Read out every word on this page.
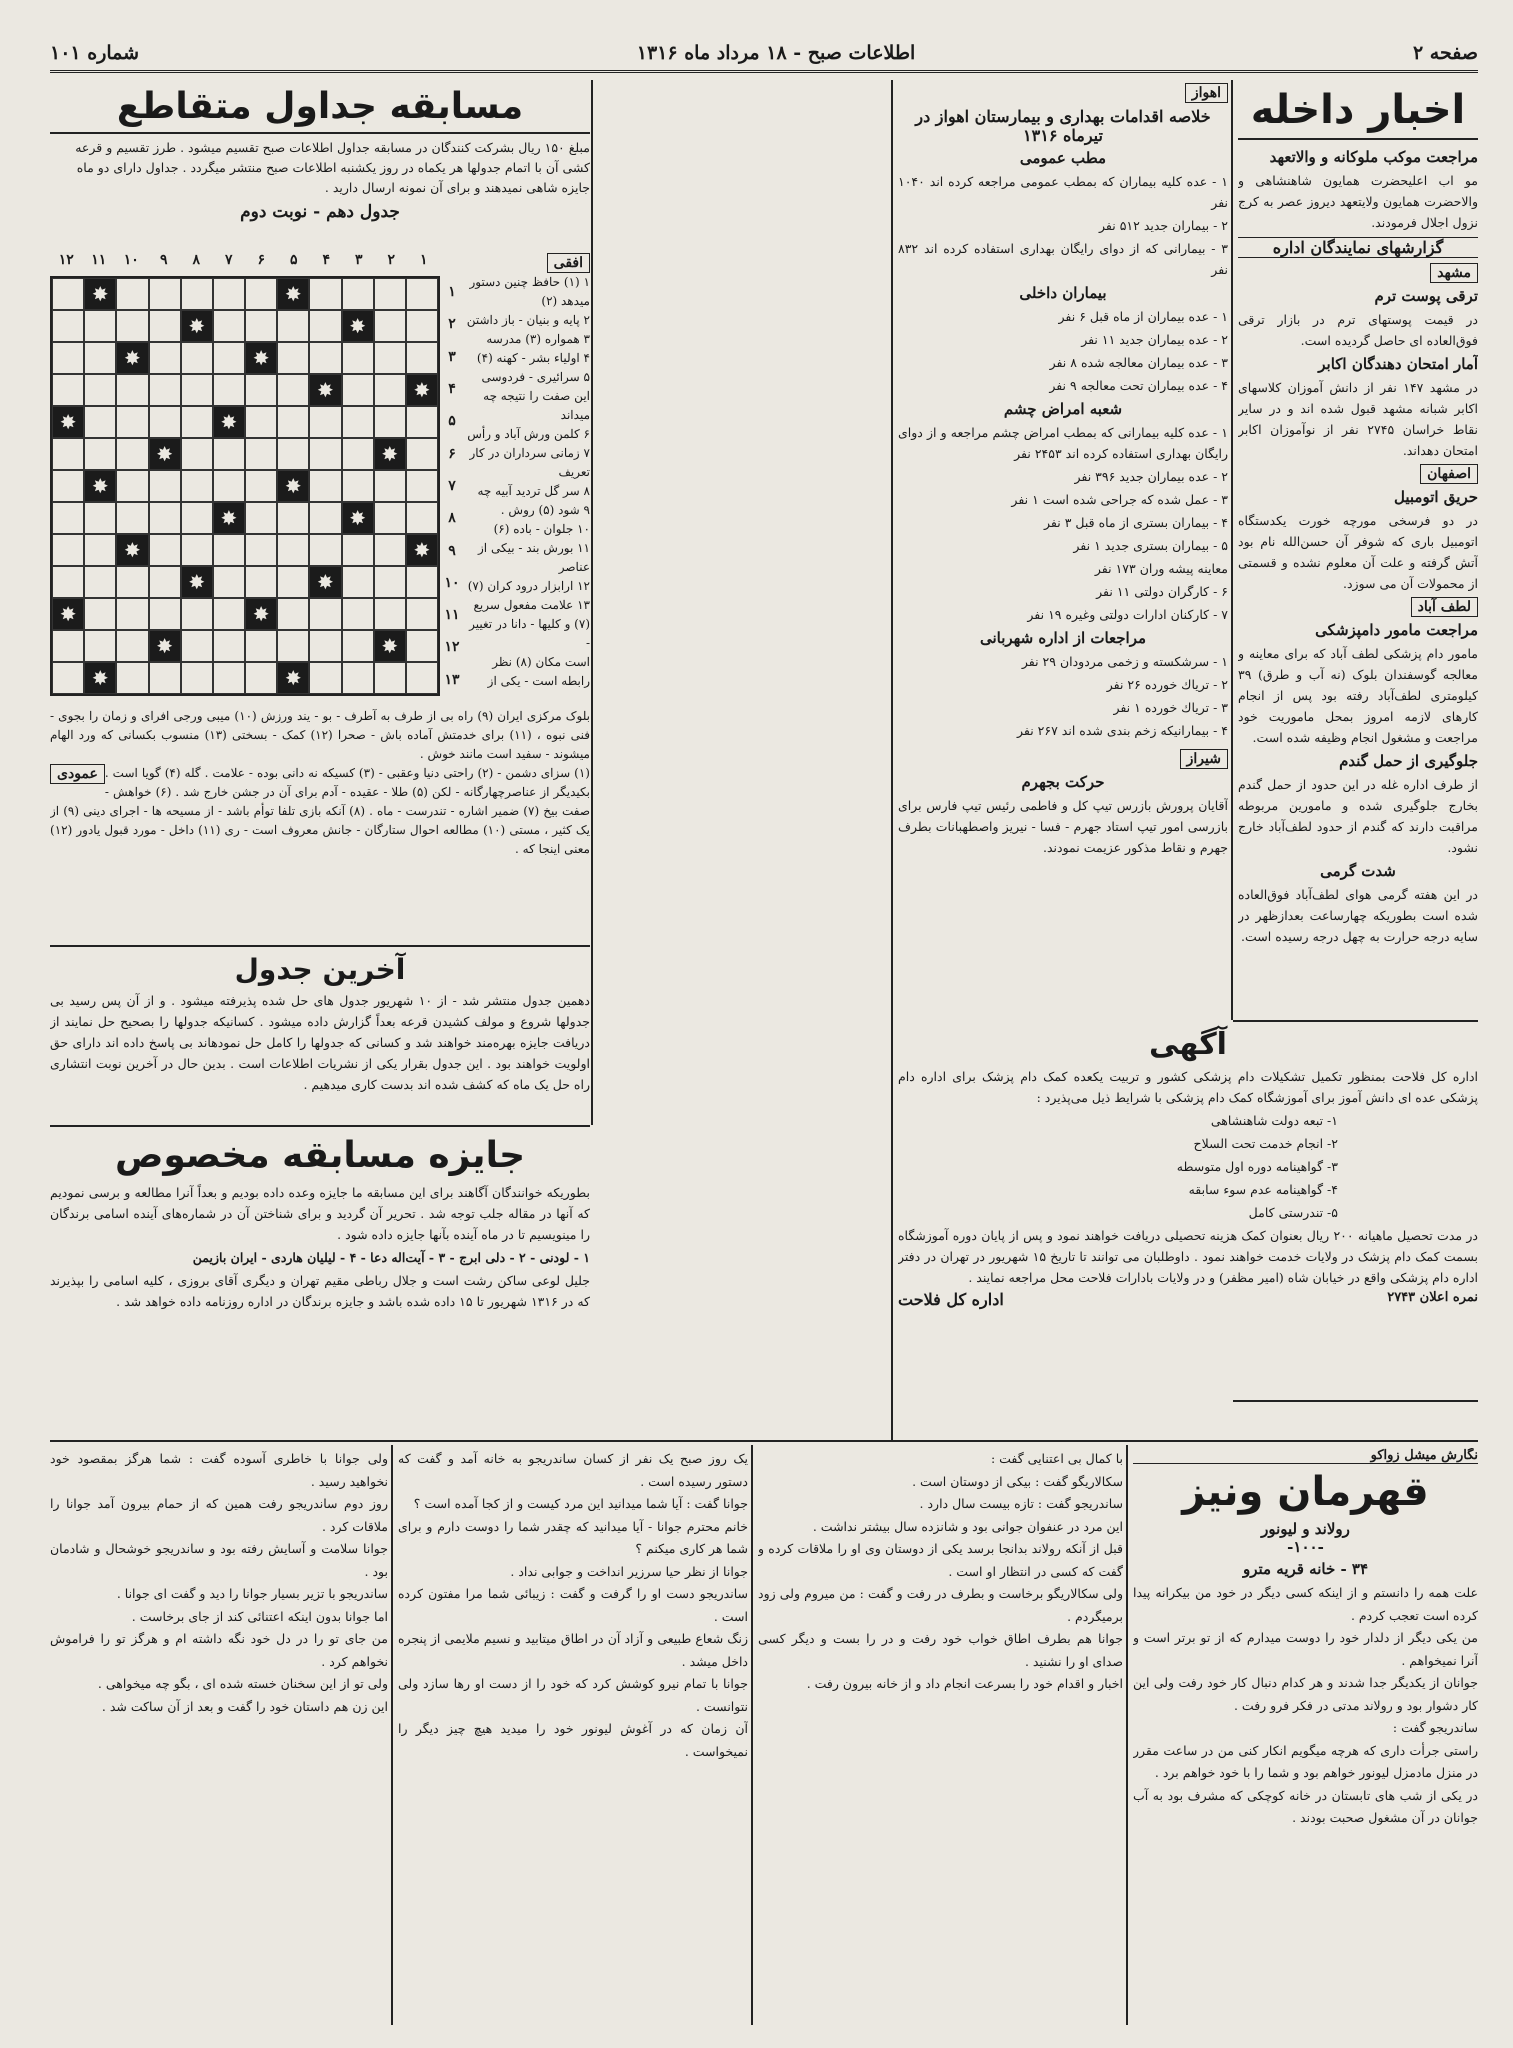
صفحه ۲
اطلاعات صبح - ۱۸ مرداد ماه ۱۳۱۶
شماره ۱۰۱
اخبار داخله
مراجعت موکب ملوکانه و والاتعهد

مو اب اعلیحضرت همایون شاهنشاهی و والاحضرت همایون ولایتعهد دیروز عصر به کرج نزول اجلال فرمودند.

گزارشهای نمایندگان اداره
مشهد
ترقی پوست ترم

در قیمت پوستهای ترم در بازار ترقی فوق‌العاده ای حاصل گردیده است.

آمار امتحان دهندگان اکابر

در مشهد ۱۴۷ نفر از دانش آموزان کلاسهای اکابر شبانه مشهد قبول شده اند و در سایر نقاط خراسان ۲۷۴۵ نفر از نوآموزان اکابر امتحان دهداند.

اصفهان
حریق اتومبیل

در دو فرسخی مورچه خورت یکدستگاه اتومبیل باری که شوفر آن حسن‌الله نام بود آتش گرفته و علت آن معلوم نشده و قسمتی از محمولات آن می سوزد.

لطف آباد
مراجعت مامور دامپزشکی

مامور دام پزشکی لطف آباد که برای معاینه و معالجه گوسفندان بلوک (نه آب و طرق) ۳۹ کیلومتری لطف‌آباد رفته بود پس از انجام کارهای لازمه امروز بمحل ماموریت خود مراجعت و مشغول انجام وظیفه شده است.

جلوگیری از حمل گندم

از طرف اداره غله در این حدود از حمل گندم بخارج جلوگیری شده و مامورین مربوطه مراقبت دارند که گندم از حدود لطف‌آباد خارج نشود.

شدت گرمی

در این هفته گرمی هوای لطف‌آباد فوق‌العاده شده است بطوریکه چهارساعت بعدازظهر در سایه درجه حرارت به چهل درجه رسیده است.

اهواز
خلاصه اقدامات بهداری و بیمارستان اهواز در تیرماه ۱۳۱۶
مطب عمومی

۱ - عده کلیه بیماران که بمطب عمومی مراجعه کرده اند ۱۰۴۰ نفر

۲ - بیماران جدید ۵۱۲ نفر

۳ - بیمارانی که از دوای رایگان بهداری استفاده کرده اند ۸۳۲ نفر

بیماران داخلی

۱ - عده بیماران از ماه قبل ۶ نفر

۲ - عده بیماران جدید ۱۱ نفر

۳ - عده بیماران معالجه شده ۸ نفر

۴ - عده بیماران تحت معالجه ۹ نفر

شعبه امراض چشم

۱ - عده کلیه بیمارانی که بمطب امراض چشم مراجعه و از دوای رایگان بهداری استفاده کرده اند ۲۴۵۳ نفر

۲ - عده بیماران جدید ۳۹۶ نفر

۳ - عمل شده که جراحی شده است ۱ نفر

۴ - بیماران بستری از ماه قبل ۳ نفر

۵ - بیماران بستری جدید ۱ نفر

معاینه پیشه وران ۱۷۳ نفر

۶ - کارگران دولتی ۱۱ نفر

۷ - کارکنان ادارات دولتی وغیره ۱۹ نفر

مراجعات از اداره شهربانی

۱ - سرشکسته و زخمی مردودان ۲۹ نفر

۲ - ترياك خورده ۲۶ نفر

۳ - ترياك خورده ۱ نفر

۴ - بیمارانیکه زخم بندی شده اند ۲۶۷ نفر

شیراز
حرکت بجهرم

آقایان پرورش بازرس تیپ کل و فاطمی رئیس تیپ فارس برای بازرسی امور تیپ استاد جهرم - فسا - نیریز واصطهبانات بطرف جهرم و نقاط مذکور عزیمت نمودند.

آگهی

اداره کل فلاحت بمنظور تکمیل تشکیلات دام پزشکی کشور و تربیت یکعده کمک دام پزشک برای اداره دام پزشکی عده ای دانش آموز برای آموزشگاه کمک دام پزشکی با شرایط ذیل می‌پذیرد :

۱- تبعه دولت شاهنشاهی

۲- انجام خدمت تحت السلاح

۳- گواهینامه دوره اول متوسطه

۴- گواهینامه عدم سوء سابقه

۵- تندرستی کامل

در مدت تحصیل ماهیانه ۲۰۰ ریال بعنوان کمک هزینه تحصیلی دریافت خواهند نمود و پس از پایان دوره آموزشگاه بسمت کمک دام پزشک در ولایات خدمت خواهند نمود . داوطلبان می توانند تا تاریخ ۱۵ شهریور در تهران در دفتر اداره دام پزشکی واقع در خیابان شاه (امیر مظفر) و در ولایات بادارات فلاحت محل مراجعه نمایند .

نمره اعلان ۲۷۴۳
اداره کل فلاحت

مسابقه جداول متقاطع

مبلغ ۱۵۰ ریال بشرکت کنندگان در مسابقه جداول اطلاعات صبح تقسیم میشود . طرز تقسیم و قرعه کشی آن با اتمام جدولها هر یکماه در روز یکشنبه اطلاعات صبح منتشر میگردد . جداول دارای دو ماه جایزه شاهی نمیدهند و برای آن نمونه ارسال دارید .

جدول دهم - نوبت دوم
۱
۲
۳
۴
۵
۶
۷
۸
۹
۱۰
۱۱
۱۲
✸
✸
✸
✸
✸
✸
✸
✸
✸
✸
✸
✸
✸
✸
✸
✸
✸
✸
✸
✸
✸
✸
✸
✸
✸
✸
۱
۲
۳
۴
۵
۶
۷
۸
۹
۱۰
۱۱
۱۲
۱۳
افقی

۱ (۱) حافظ چنین دستور میدهد (۲)

۲ پایه و بنیان - باز داشتن

۳ همواره (۳) مدرسه

۴ اولیاء بشر - کهنه (۴)

۵ سرائیری - فردوسی این صفت را نتیجه چه میداند

۶ کلمن ورش آباد و رأس

۷ زمانی سرداران در کار تعریف

۸ سر گل تردید آبیه چه

۹ شود (۵) روش .

۱۰ جلوان - باده (۶)

۱۱ بورش بند - بیکی از عناصر

۱۲ ارابزار درود کران (۷)

۱۳ علامت مفعول سریع (۷) و کلیها - دانا در تغییر -

است مکان (۸) نظر رابطه است - یکی از

بلوک مرکزی ایران (۹) راه بی از طرف به آطرف - بو - یند ورزش (۱۰) میبی ورجی افرای و زمان را بجوی - فنی نبوه ، (۱۱) برای خدمتش آماده باش - صحرا (۱۲) کمک - بسختی (۱۳) منسوب بکسانی که ورد الهام میشوند - سفید است مانند خوش .

عمودی (۱) سزای دشمن - (۲) راحتی دنیا وعقبی - (۳) کسیکه نه دانی بوده - علامت . گله (۴) گویا است . بکیدیگر از عناصرچهارگانه - لکن (۵) طلا - عقیده - آدم برای آن در جشن خارج شد . (۶) خواهش - صفت بیخ (۷) ضمیر اشاره - تندرست - ماه . (۸) آنکه بازی تلفا توأم باشد - از مسیحه ها - اجرای دینی (۹) از یک کثیر ، مستی (۱۰) مطالعه احوال ستارگان - جانش معروف است - ری (۱۱) داخل - مورد قبول یادور (۱۲) معنی اینجا که .

آخرین جدول

دهمین جدول منتشر شد - از ۱۰ شهریور جدول های حل شده پذیرفته میشود . و از آن پس رسید بی جدولها شروع و مولف کشیدن قرعه بعداً گزارش داده میشود . کسانیکه جدولها را بصحیح حل نمایند از دریافت جایزه بهره‌مند خواهند شد و کسانی که جدولها را کامل حل نمودهاند بی پاسخ داده اند دارای حق اولویت خواهند بود . این جدول بقرار یکی از نشریات اطلاعات است . بدین حال در آخرین نوبت انتشاری راه حل یک ماه که کشف شده اند بدست کاری میدهیم .

جایزه مسابقه مخصوص

بطوریکه خوانندگان آگاهند برای این مسابقه ما جایزه وعده داده بودیم و بعداً آنرا مطالعه و برسی نمودیم که آنها در مقاله جلب توجه شد . تحریر آن گردید و برای شناختن آن در شماره‌های آینده اسامی برندگان را مینویسیم تا در ماه آینده بآنها جایزه داده شود .

۱ - لودنی - ۲ - دلی ابرج - ۳ - آیت‌اله دعا - ۴ - لیلیان هاردی - ایران بازیمن

جلیل لوعی ساکن رشت است و جلال رباطی مقیم تهران و دیگری آقای بروزی ، کلیه اسامی را بپذیرند که در ۱۳۱۶ شهریور تا ۱۵ داده شده باشد و جایزه برندگان در اداره روزنامه داده خواهد شد .

نگارش میشل زواکو
قهرمان ونیز
رولاند و لیونور
-۱۰۰-
۳۴ - خانه قریه مترو

علت همه را دانستم و از اینکه کسی دیگر در خود من بیکرانه پیدا کرده است تعجب کردم .

من یکی دیگر از دلدار خود را دوست میدارم که از تو برتر است و آنرا نمیخواهم .

جوانان از یکدیگر جدا شدند و هر کدام دنبال کار خود رفت ولی این کار دشوار بود و رولاند مدتی در فکر فرو رفت .

ساندریجو گفت :

راستی جرأت داری که هرچه میگویم انکار کنی من در ساعت مقرر در منزل مادمزل لیونور خواهم بود و شما را با خود خواهم برد .

در یکی از شب های تابستان در خانه کوچکی که مشرف بود به آب جوانان در آن مشغول صحبت بودند .

با کمال بی اعتنایی گفت :

سکالاریگو گفت : بیکی از دوستان است .

ساندریجو گفت : تازه بیست سال دارد .

این مرد در عنفوان جوانی بود و شانزده سال بیشتر نداشت .

قبل از آنکه رولاند بدانجا برسد یکی از دوستان وی او را ملاقات کرده و گفت که کسی در انتظار او است .

ولی سکالاریگو برخاست و بطرف در رفت و گفت : من میروم ولی زود برمیگردم .

جوانا هم بطرف اطاق خواب خود رفت و در را بست و دیگر کسی صدای او را نشنید .

اخبار و اقدام خود را بسرعت انجام داد و از خانه بیرون رفت .

یک روز صبح یک نفر از کسان ساندریجو به خانه آمد و گفت که دستور رسیده است .

جوانا گفت : آیا شما میدانید این مرد کیست و از کجا آمده است ؟

خانم محترم جوانا - آیا میدانید که چقدر شما را دوست دارم و برای شما هر کاری میکنم ؟

جوانا از نظر حیا سرزیر انداخت و جوابی نداد .

ساندریجو دست او را گرفت و گفت : زیبائی شما مرا مفتون کرده است .

زنگ شعاع طبیعی و آزاد آن در اطاق میتابید و نسیم ملایمی از پنجره داخل میشد .

جوانا با تمام نیرو کوشش کرد که خود را از دست او رها سازد ولی نتوانست .

آن زمان که در آغوش لیونور خود را میدید هیچ چیز دیگر را نمیخواست .

ولی جوانا با خاطری آسوده گفت : شما هرگز بمقصود خود نخواهید رسید .

روز دوم ساندریجو رفت همین که از حمام بیرون آمد جوانا را ملاقات کرد .

جوانا سلامت و آسایش رفته بود و ساندریجو خوشحال و شادمان بود .

ساندریجو با تزیر بسیار جوانا را دید و گفت ای جوانا .

اما جوانا بدون اینکه اعتنائی کند از جای برخاست .

من جای تو را در دل خود نگه داشته ام و هرگز تو را فراموش نخواهم کرد .

ولی تو از این سخنان خسته شده ای ، بگو چه میخواهی .

این زن هم داستان خود را گفت و بعد از آن ساکت شد .
